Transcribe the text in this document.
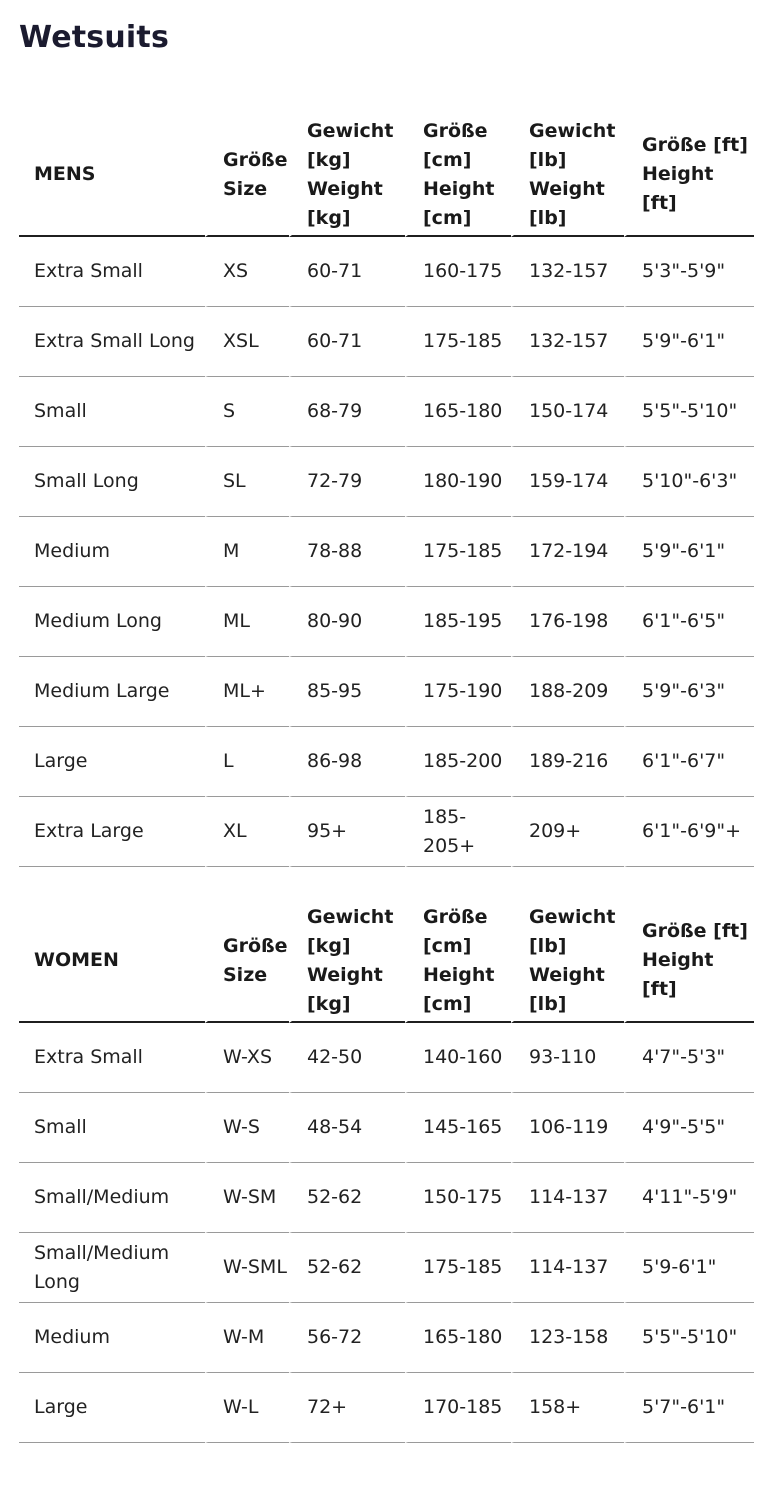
Wetsuits
MENS	Größe Size	Gewicht [kg] Weight [kg]	Größe [cm] Height [cm]	Gewicht [lb] Weight [lb]	Größe [ft] Height [ft]
Extra Small	XS	60-71	160-175	132-157	5'3"-5'9"
Extra Small Long	XSL	60-71	175-185	132-157	5'9"-6'1"
Small	S	68-79	165-180	150-174	5'5"-5'10"
Small Long	SL	72-79	180-190	159-174	5'10"-6'3"
Medium	M	78-88	175-185	172-194	5'9"-6'1"
Medium Long	ML	80-90	185-195	176-198	6'1"-6'5"
Medium Large	ML+	85-95	175-190	188-209	5'9"-6'3"
Large	L	86-98	185-200	189-216	6'1"-6'7"
Extra Large	XL	95+	185-205+	209+	6'1"-6'9"+
WOMEN	Größe Size	Gewicht [kg] Weight [kg]	Größe [cm] Height [cm]	Gewicht [lb] Weight [lb]	Größe [ft] Height [ft]
Extra Small	W-XS	42-50	140-160	93-110	4'7"-5'3"
Small	W-S	48-54	145-165	106-119	4'9"-5'5"
Small/Medium	W-SM	52-62	150-175	114-137	4'11"-5'9"
Small/Medium Long	W-SML	52-62	175-185	114-137	5'9-6'1"
Medium	W-M	56-72	165-180	123-158	5'5"-5'10"
Large	W-L	72+	170-185	158+	5'7"-6'1"
